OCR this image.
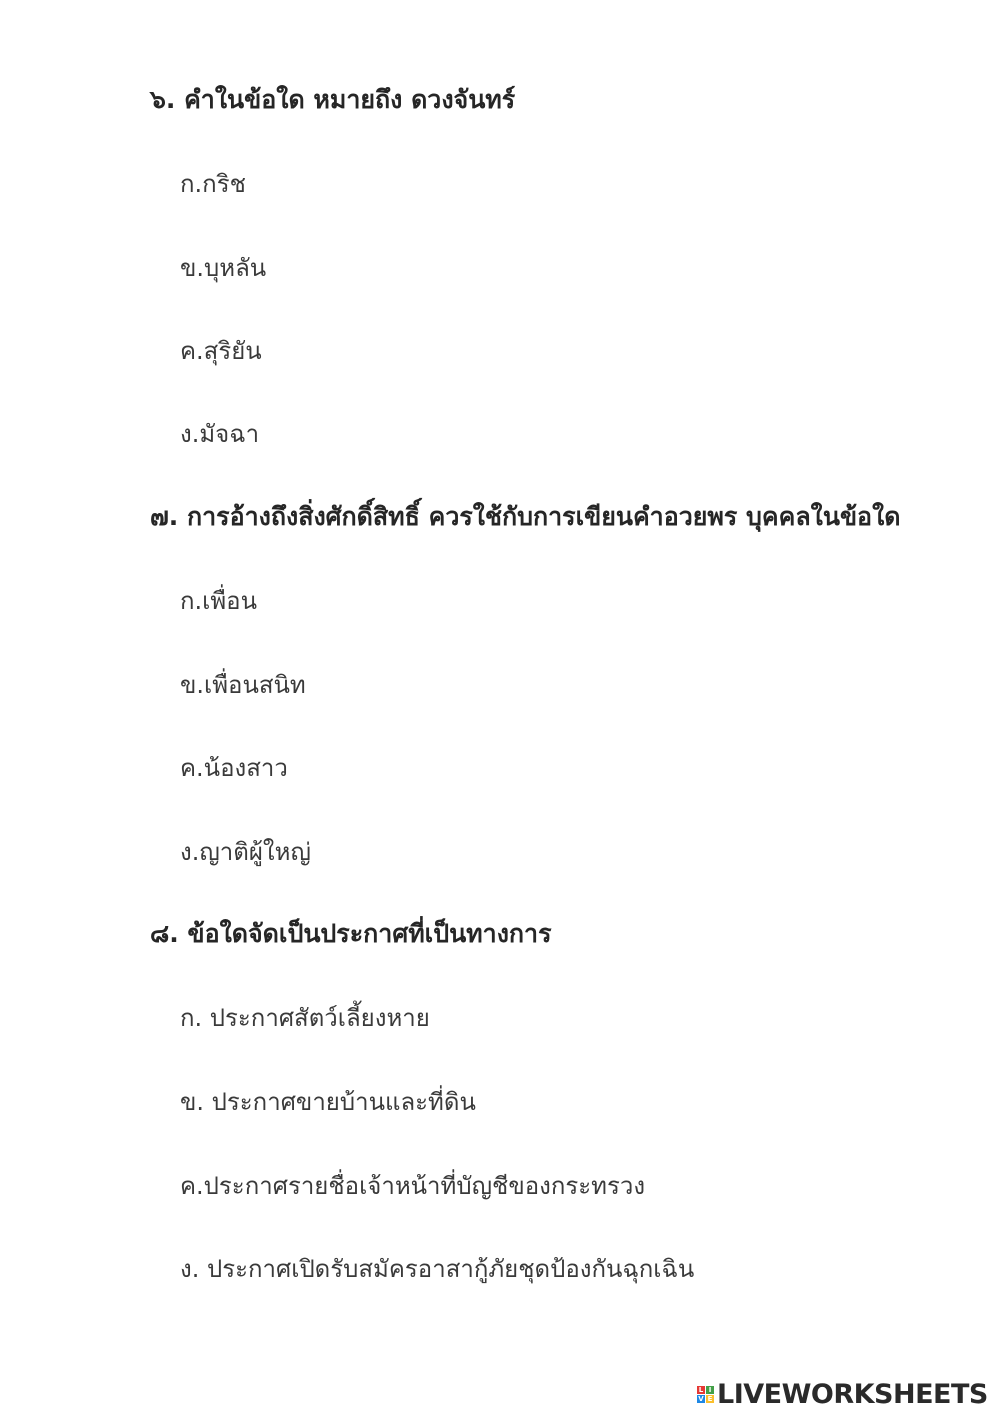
๖. คำในข้อใด หมายถึง ดวงจันทร์
ก.กริช
ข.บุหลัน
ค.สุริยัน
ง.มัจฉา
๗. การอ้างถึงสิ่งศักดิ์สิทธิ์ ควรใช้กับการเขียนคำอวยพร บุคคลในข้อใด
ก.เพื่อน
ข.เพื่อนสนิท
ค.น้องสาว
ง.ญาติผู้ใหญ่
๘. ข้อใดจัดเป็นประกาศที่เป็นทางการ
ก. ประกาศสัตว์เลี้ยงหาย
ข. ประกาศขายบ้านและที่ดิน
ค.ประกาศรายชื่อเจ้าหน้าที่บัญชีของกระทรวง
ง. ประกาศเปิดรับสมัครอาสากู้ภัยชุดป้องกันฉุกเฉิน
L I
V E LIVEWORKSHEETS
